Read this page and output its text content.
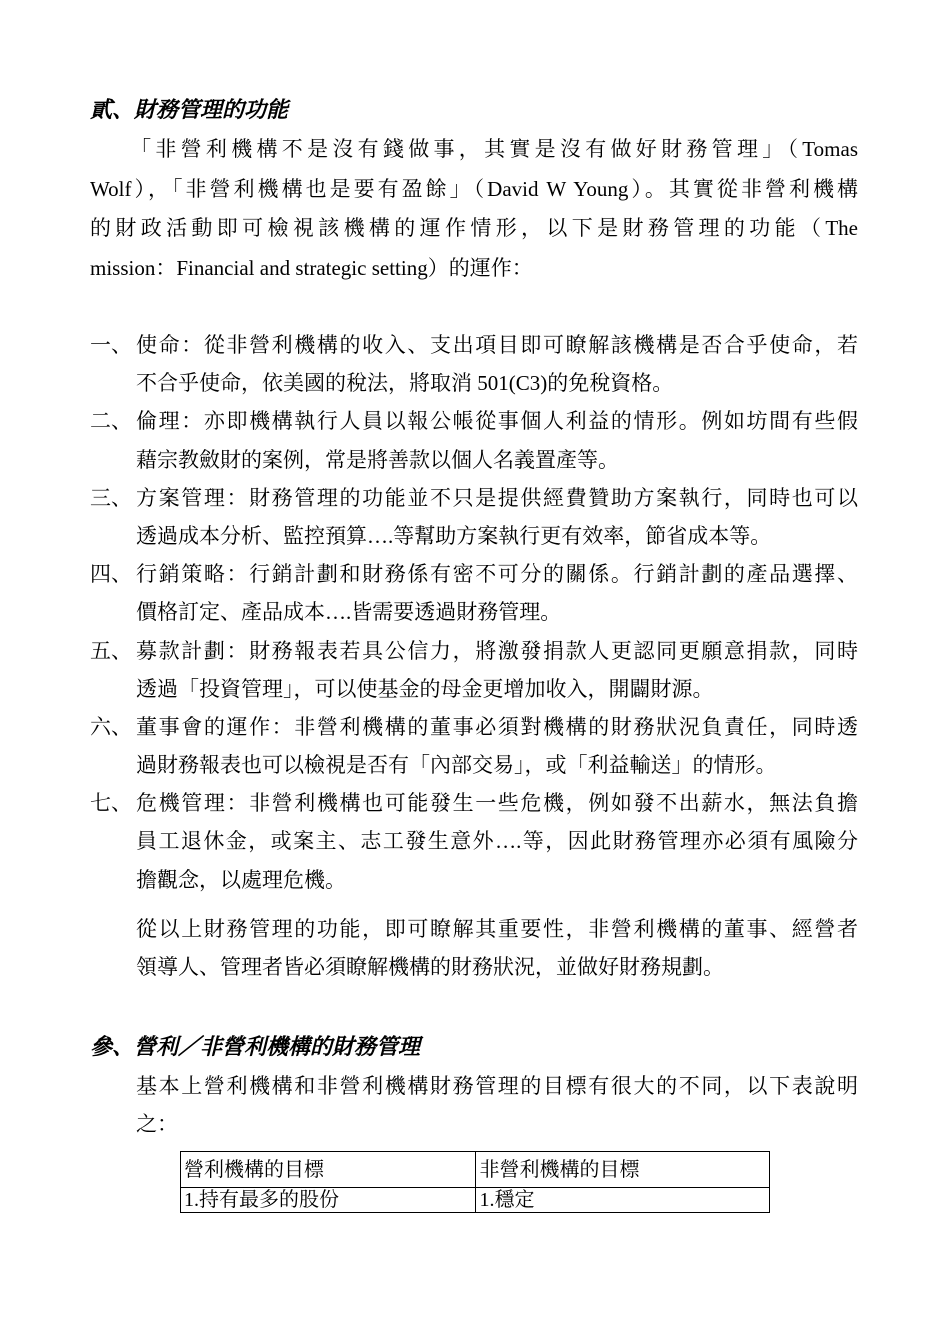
貳、財務管理的功能
　　「非營利機構不是沒有錢做事，其實是沒有做好財務管理」（Tomas
Wolf），「非營利機構也是要有盈餘」（David W Young）。其實從非營利機構
的財政活動即可檢視該機構的運作情形，以下是財務管理的功能（The
mission：Financial and strategic setting）的運作：
一、 使命：從非營利機構的收入、支出項目即可瞭解該機構是否合乎使命，若
不合乎使命，依美國的稅法，將取消 501(C3)的免稅資格。
二、 倫理：亦即機構執行人員以報公帳從事個人利益的情形。例如坊間有些假
藉宗教斂財的案例，常是將善款以個人名義置產等。
三、 方案管理：財務管理的功能並不只是提供經費贊助方案執行，同時也可以
透過成本分析、監控預算….等幫助方案執行更有效率，節省成本等。
四、 行銷策略：行銷計劃和財務係有密不可分的關係。行銷計劃的產品選擇、
價格訂定、產品成本….皆需要透過財務管理。
五、 募款計劃：財務報表若具公信力，將激發捐款人更認同更願意捐款，同時
透過「投資管理」，可以使基金的母金更增加收入，開闢財源。
六、 董事會的運作：非營利機構的董事必須對機構的財務狀況負責任，同時透
過財務報表也可以檢視是否有「內部交易」，或「利益輸送」的情形。
七、 危機管理：非營利機構也可能發生一些危機，例如發不出薪水，無法負擔
員工退休金，或案主、志工發生意外….等，因此財務管理亦必須有風險分
擔觀念，以處理危機。
從以上財務管理的功能，即可瞭解其重要性，非營利機構的董事、經營者
領導人、管理者皆必須瞭解機構的財務狀況，並做好財務規劃。
參、營利／非營利機構的財務管理
基本上營利機構和非營利機構財務管理的目標有很大的不同，以下表說明
之：
營利機構的目標	非營利機構的目標
1.持有最多的股份	1.穩定
